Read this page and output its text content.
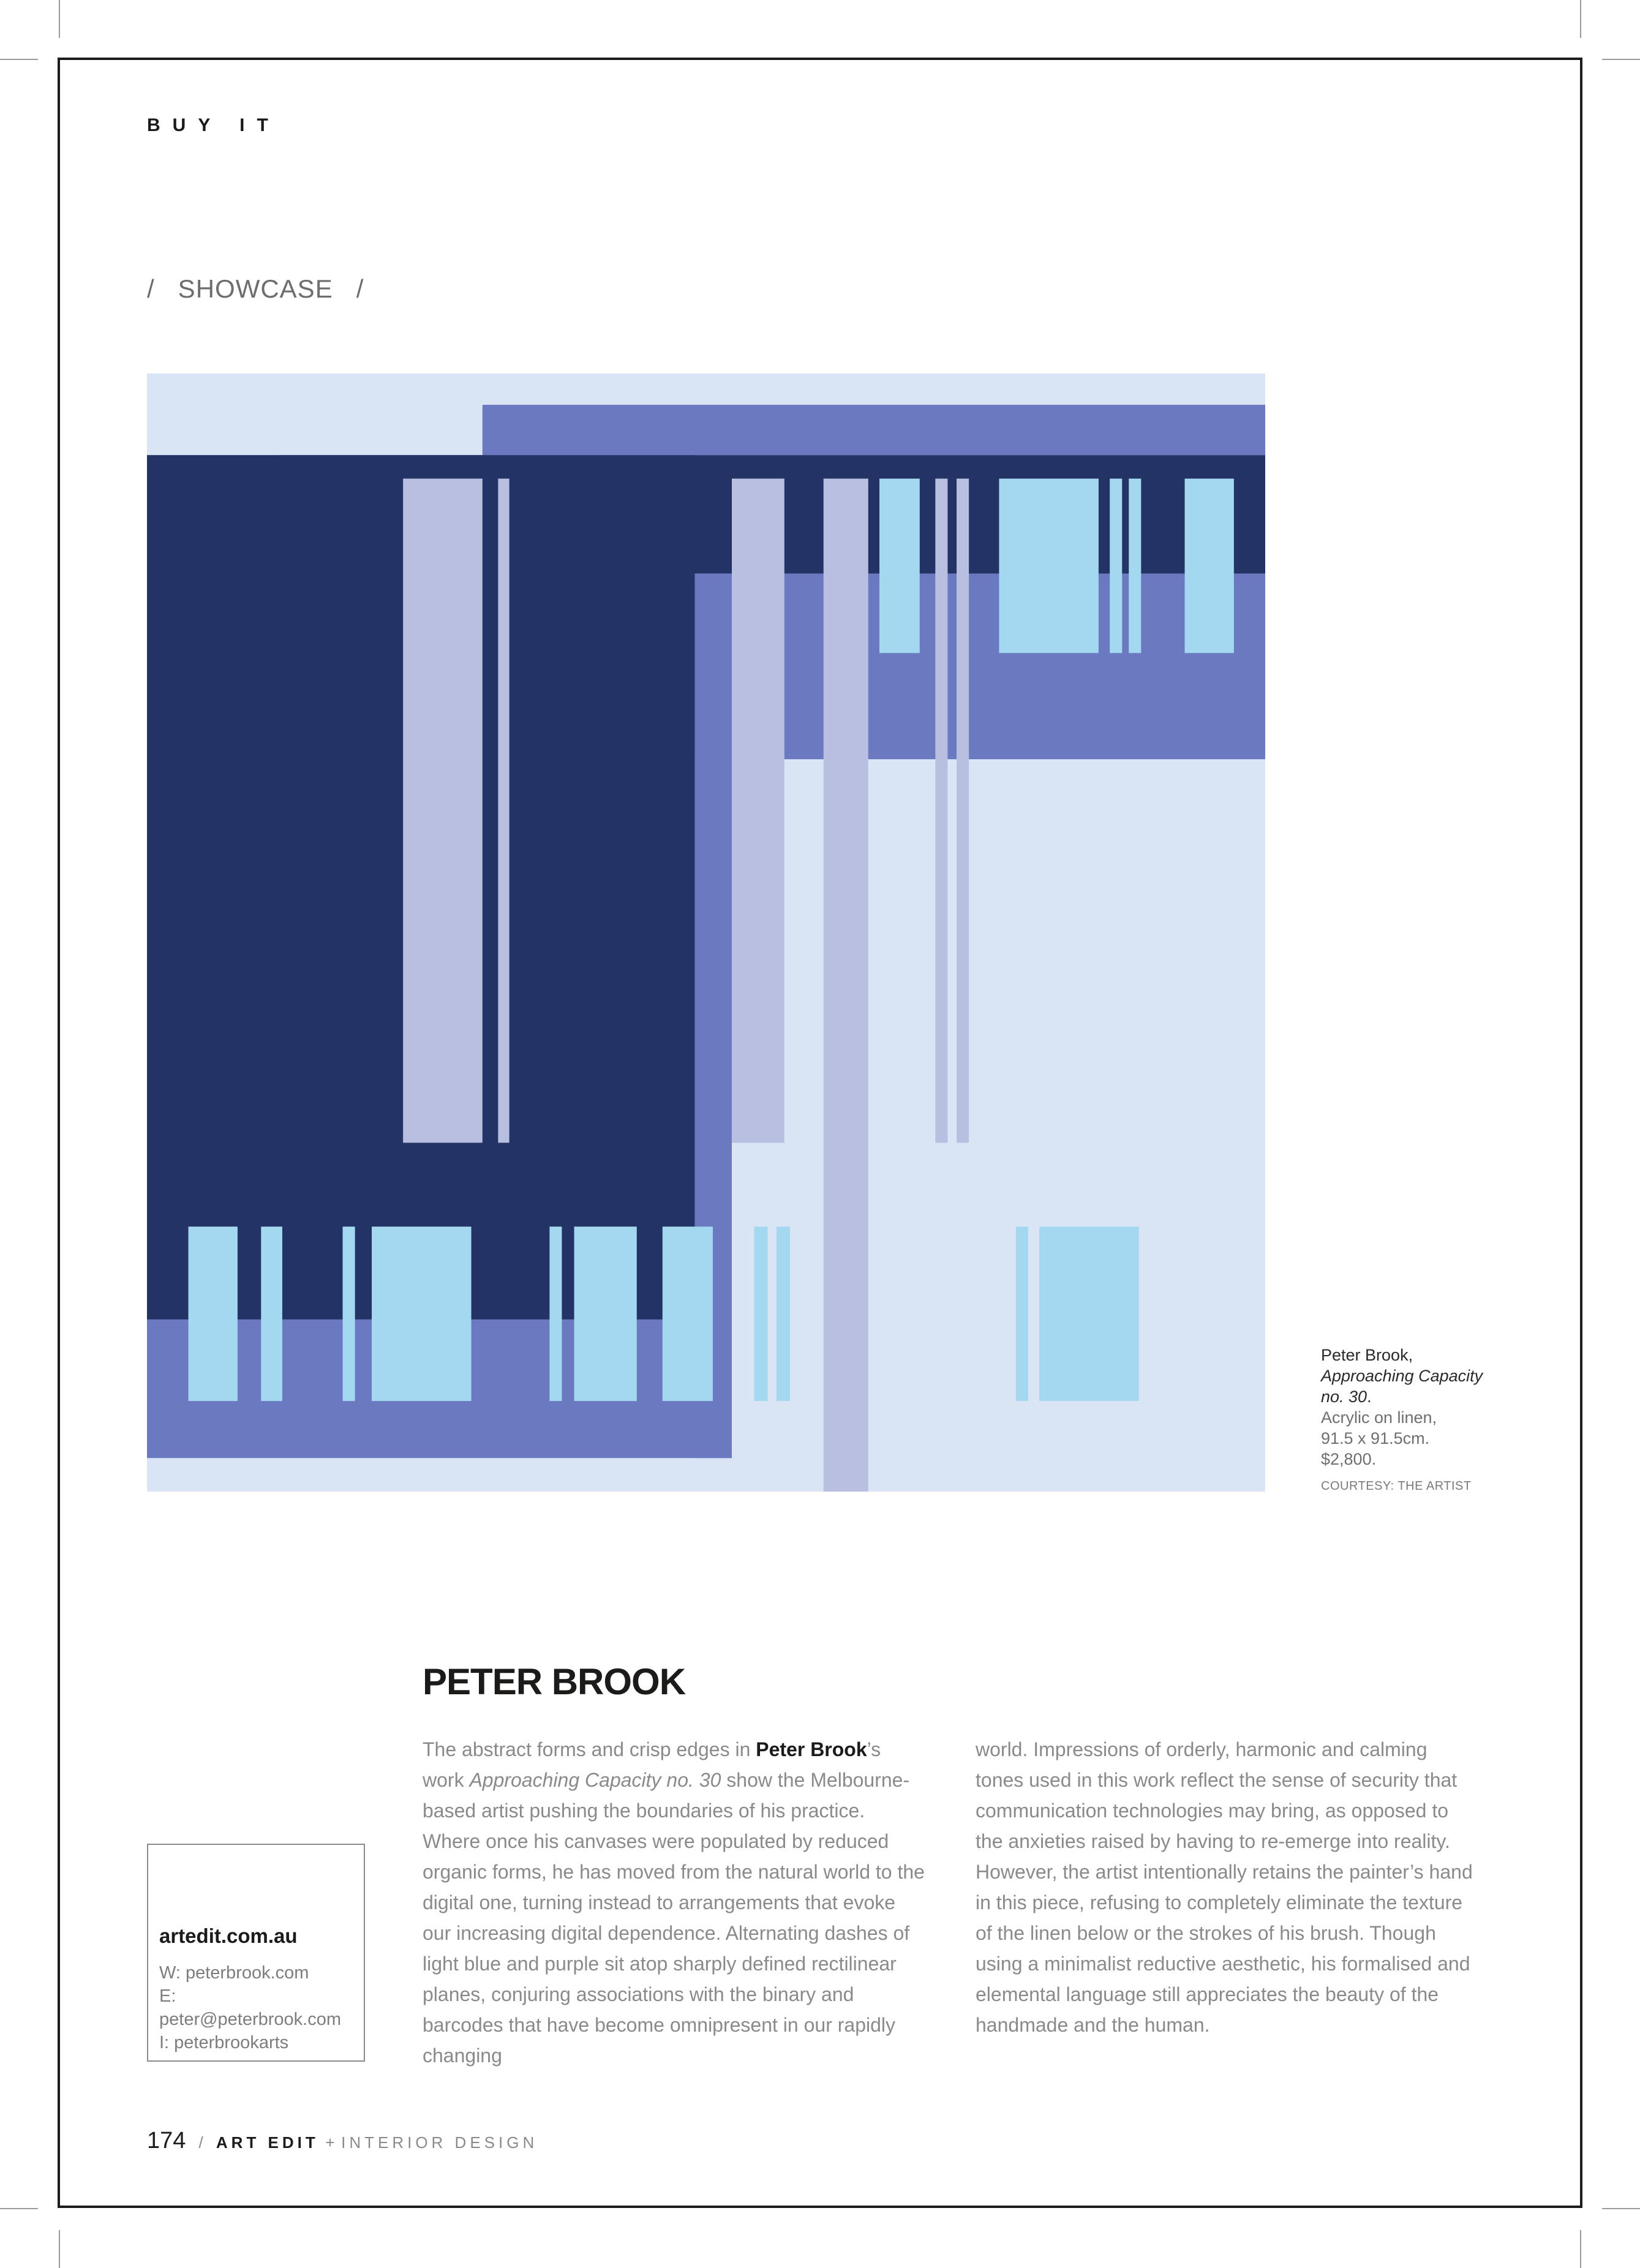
BUY IT
/   SHOWCASE   /
Peter Brook,
Approaching Capacity no. 30.
Acrylic on linen,
91.5 x 91.5cm.
$2,800.
COURTESY: THE ARTIST
PETER BROOK
The abstract forms and crisp edges in Peter Brook’s work Approaching Capacity no. 30 show the Melbourne-based artist pushing the boundaries of his practice. Where once his canvases were populated by reduced organic forms, he has moved from the natural world to the digital one, turning instead to arrangements that evoke our increasing digital dependence. Alternating dashes of light blue and purple sit atop sharply defined rectilinear planes, conjuring associations with the binary and barcodes that have become omnipresent in our rapidly changing
world. Impressions of orderly, harmonic and calming tones used in this work reflect the sense of security that communication technologies may bring, as opposed to the anxieties raised by having to re-emerge into reality. However, the artist intentionally retains the painter’s hand in this piece, refusing to completely eliminate the texture of the linen below or the strokes of his brush. Though using a minimalist reductive aesthetic, his formalised and elemental language still appreciates the beauty of the handmade and the human.
artedit.com.au
W: peterbrook.com
E: peter@peterbrook.com
I: peterbrookarts
174 / ART EDIT + INTERIOR DESIGN
